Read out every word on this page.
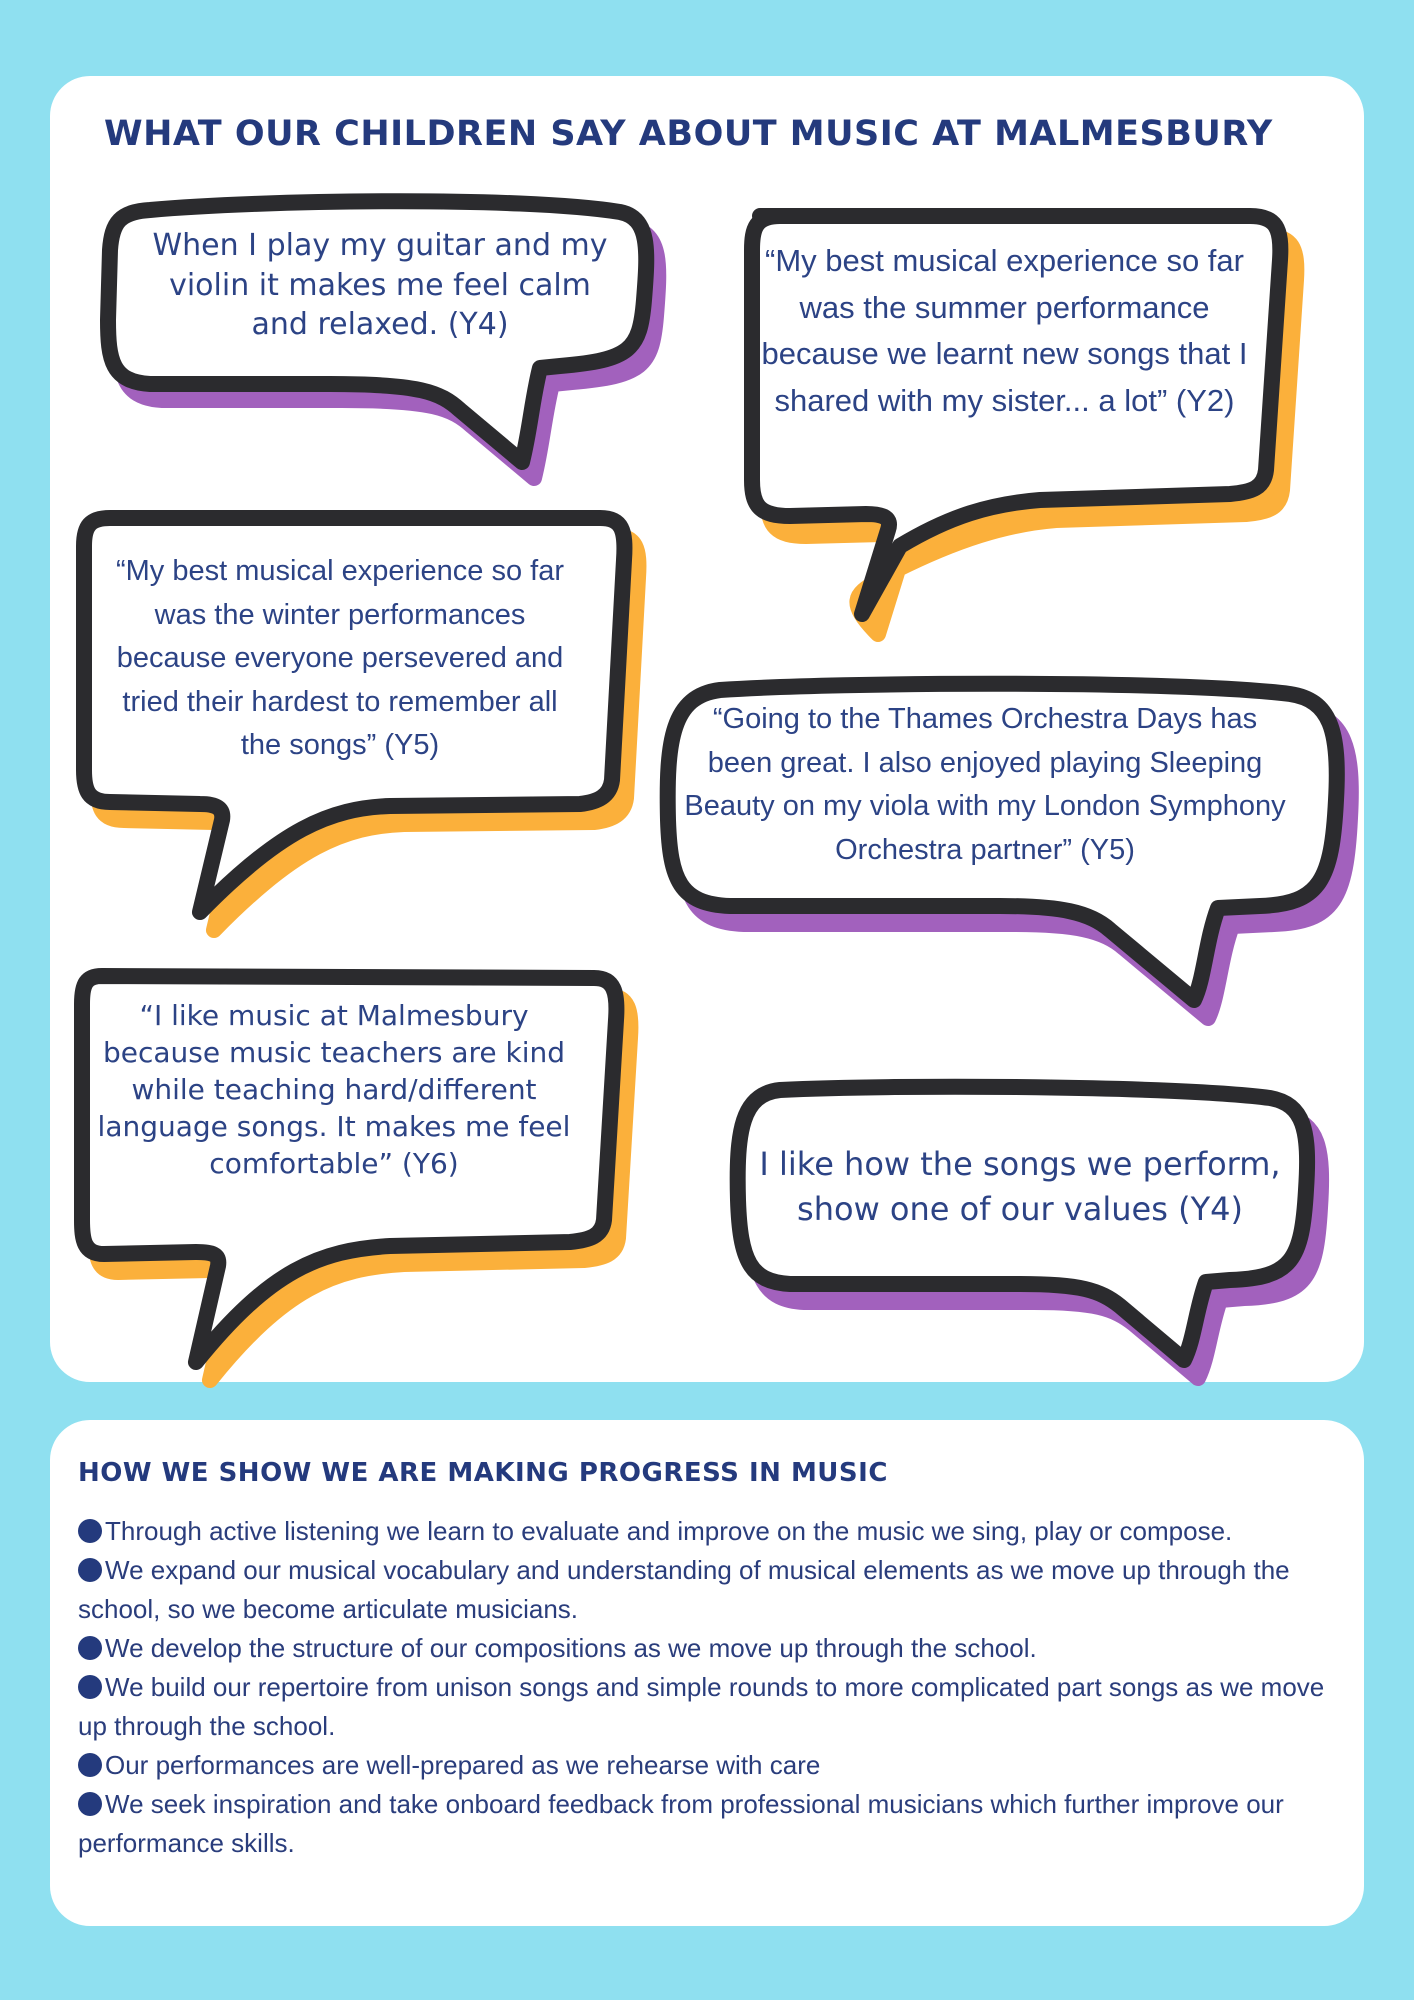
WHAT OUR CHILDREN SAY ABOUT MUSIC AT MALMESBURY

When I play my guitar and my violin it makes me feel calm and relaxed. (Y4)

“My best musical experience so far was the summer performance because we learnt new songs that I shared with my sister... a lot” (Y2)

“My best musical experience so far was the winter performances because everyone persevered and tried their hardest to remember all the songs” (Y5)

“Going to the Thames Orchestra Days has been great. I also enjoyed playing Sleeping Beauty on my viola with my London Symphony Orchestra partner” (Y5)

“I like music at Malmesbury because music teachers are kind while teaching hard/different language songs. It makes me feel comfortable” (Y6)	I like how the songs we perform, show one of our values (Y4)

HOW WE SHOW WE ARE MAKING PROGRESS IN MUSIC
Through active listening we learn to evaluate and improve on the music we sing, play or compose.
We expand our musical vocabulary and understanding of musical elements as we move up through the school, so we become articulate musicians.
We develop the structure of our compositions as we move up through the school.
We build our repertoire from unison songs and simple rounds to more complicated part songs as we move up through the school.
Our performances are well-prepared as we rehearse with care
We seek inspiration and take onboard feedback from professional musicians which further improve our performance skills.
